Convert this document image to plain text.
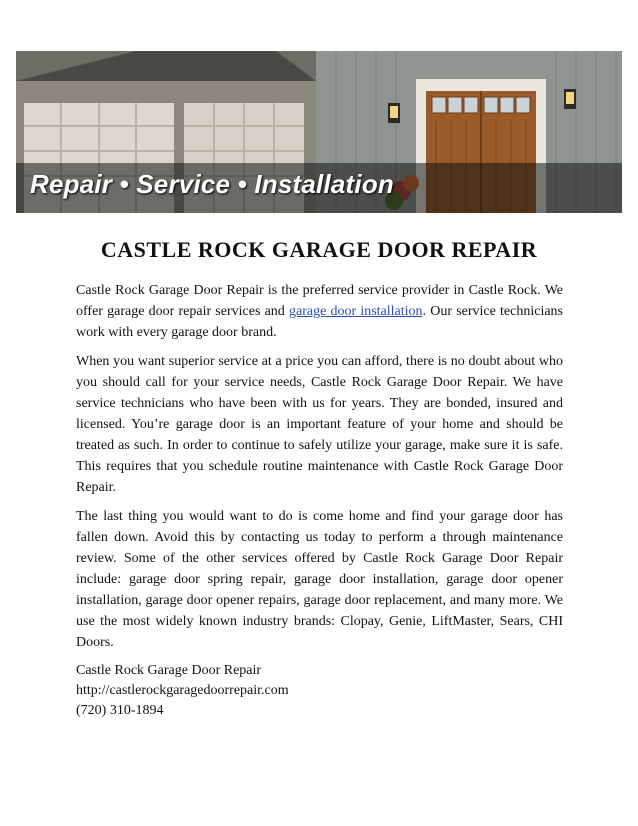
Repair • Service • Installation
CASTLE ROCK GARAGE DOOR REPAIR

Castle Rock Garage Door Repair is the preferred service provider in Castle Rock. We offer garage door repair services and garage door installation. Our service technicians work with every garage door brand.

When you want superior service at a price you can afford, there is no doubt about who you should call for your service needs, Castle Rock Garage Door Repair. We have service technicians who have been with us for years. They are bonded, insured and licensed. You’re garage door is an important feature of your home and should be treated as such. In order to continue to safely utilize your garage, make sure it is safe. This requires that you schedule routine maintenance with Castle Rock Garage Door Repair.

The last thing you would want to do is come home and find your garage door has fallen down. Avoid this by contacting us today to perform a through maintenance review. Some of the other services offered by Castle Rock Garage Door Repair include: garage door spring repair, garage door installation, garage door opener installation, garage door opener repairs, garage door replacement, and many more. We use the most widely known industry brands: Clopay, Genie, LiftMaster, Sears, CHI Doors.

Castle Rock Garage Door Repair
http://castlerockgaragedoorrepair.com
(720) 310-1894
